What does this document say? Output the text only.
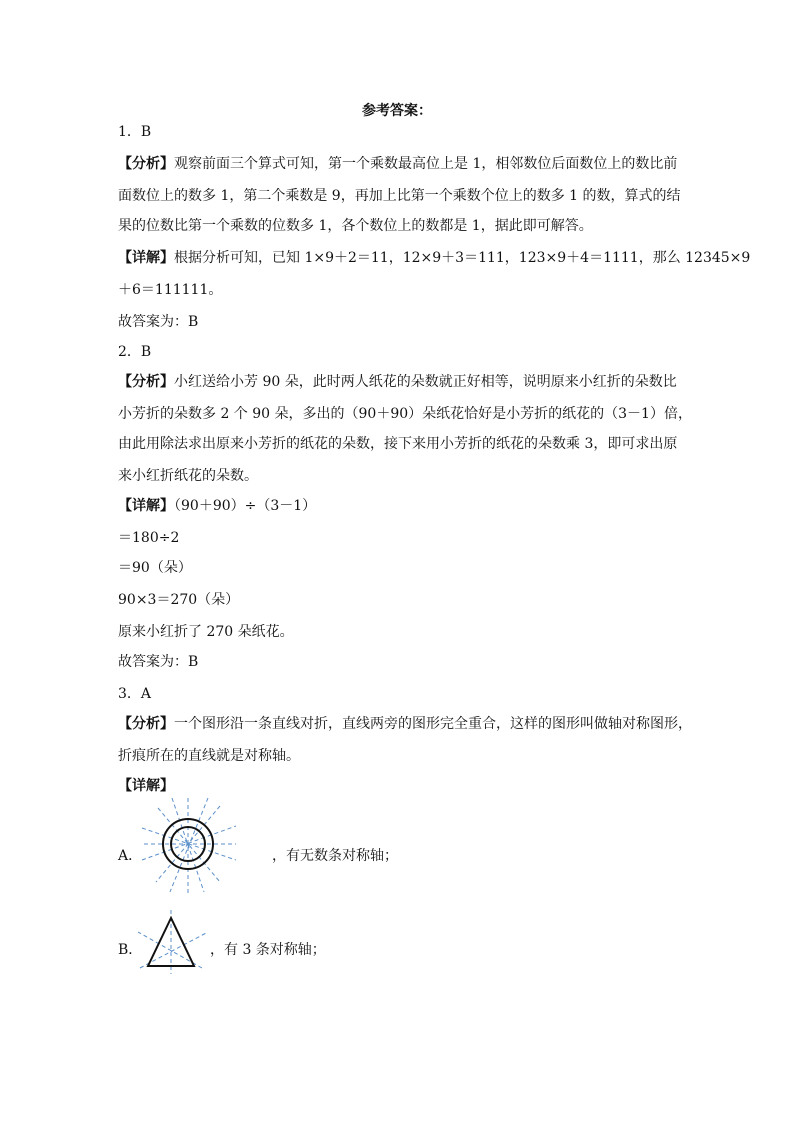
参考答案：
1．B
【分析】观察前面三个算式可知，第一个乘数最高位上是 1，相邻数位后面数位上的数比前
面数位上的数多 1，第二个乘数是 9，再加上比第一个乘数个位上的数多 1 的数，算式的结
果的位数比第一个乘数的位数多 1，各个数位上的数都是 1，据此即可解答。
【详解】根据分析可知，已知 1×9＋2＝11，12×9＋3＝111，123×9＋4＝1111，那么 12345×9
＋6＝111111。
故答案为：B
2．B
【分析】小红送给小芳 90 朵，此时两人纸花的朵数就正好相等，说明原来小红折的朵数比
小芳折的朵数多 2 个 90 朵，多出的（90＋90）朵纸花恰好是小芳折的纸花的（3－1）倍，
由此用除法求出原来小芳折的纸花的朵数，接下来用小芳折的纸花的朵数乘 3，即可求出原
来小红折纸花的朵数。
【详解】（90＋90）÷（3－1）
＝180÷2
＝90（朵）
90×3＝270（朵）
原来小红折了 270 朵纸花。
故答案为：B
3．A
【分析】一个图形沿一条直线对折，直线两旁的图形完全重合，这样的图形叫做轴对称图形，
折痕所在的直线就是对称轴。
【详解】
A．	，有无数条对称轴；
B．	，有 3 条对称轴；
